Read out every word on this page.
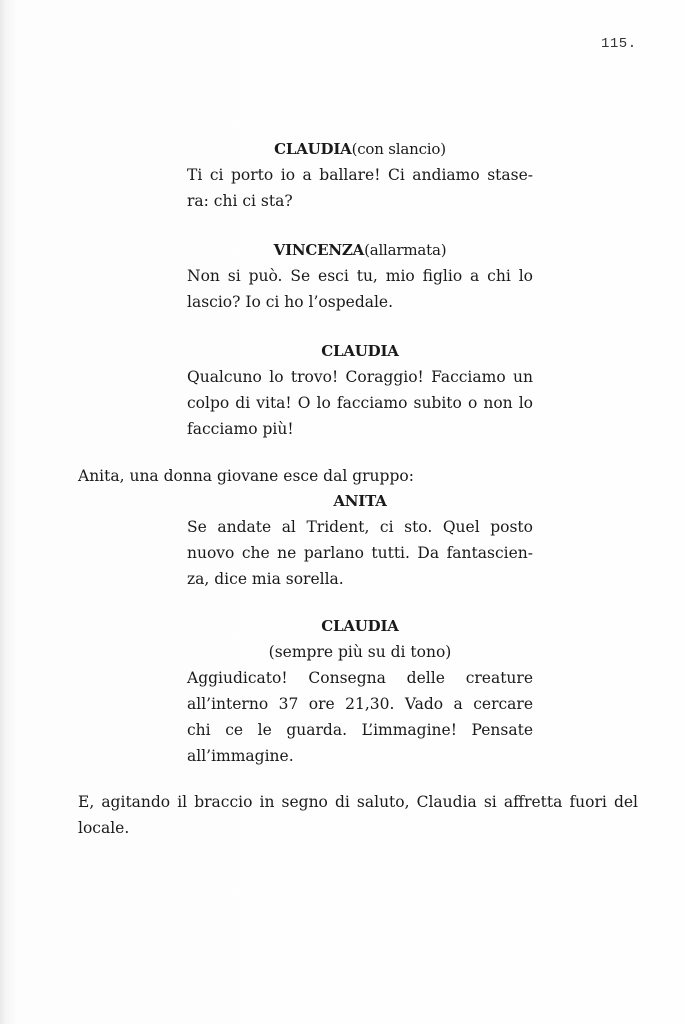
115.
CLAUDIA(con slancio)
Ti ci porto io a ballare! Ci andiamo stase-
ra: chi ci sta?
VINCENZA(allarmata)
Non si può. Se esci tu, mio figlio a chi lo
lascio? Io ci ho l’ospedale.
CLAUDIA
Qualcuno lo trovo! Coraggio! Facciamo un
colpo di vita! O lo facciamo subito o non lo
facciamo più!
Anita, una donna giovane esce dal gruppo:
ANITA
Se andate al Trident, ci sto. Quel posto
nuovo che ne parlano tutti. Da fantascien-
za, dice mia sorella.
CLAUDIA
(sempre più su di tono)
Aggiudicato! Consegna delle creature
all’interno 37 ore 21,30. Vado a cercare
chi ce le guarda. L’immagine! Pensate
all’immagine.
E, agitando il braccio in segno di saluto, Claudia si affretta fuori del
locale.
